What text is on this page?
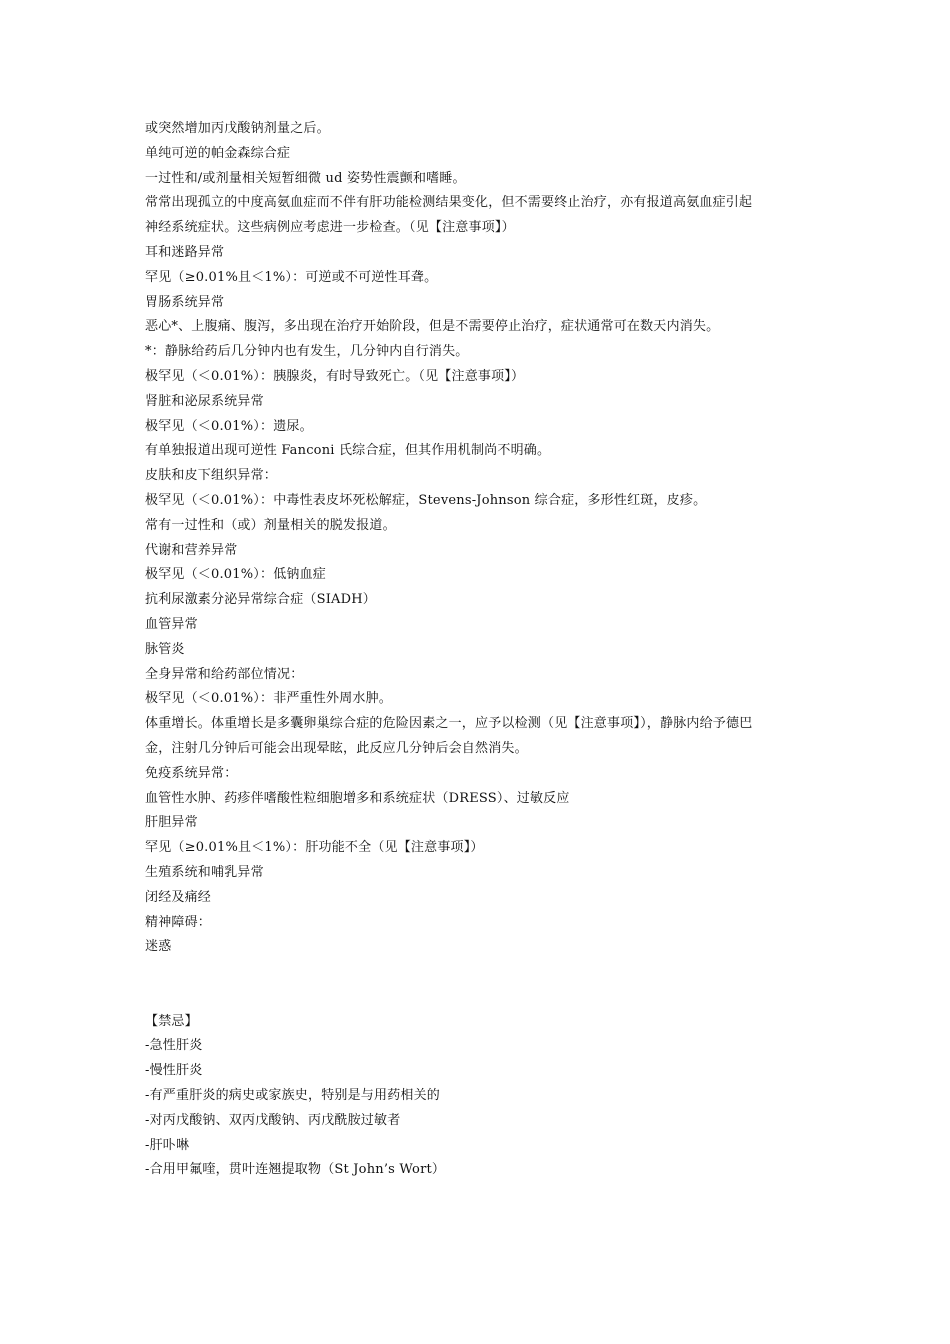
或突然增加丙戊酸钠剂量之后。
单纯可逆的帕金森综合症
一过性和/或剂量相关短暂细微 ud 姿势性震颤和嗜睡。
常常出现孤立的中度高氨血症而不伴有肝功能检测结果变化，但不需要终止治疗，亦有报道高氨血症引起
神经系统症状。这些病例应考虑进一步检查。（见【注意事项】）
耳和迷路异常
罕见（≥0.01%且＜1%）：可逆或不可逆性耳聋。
胃肠系统异常
恶心*、上腹痛、腹泻，多出现在治疗开始阶段，但是不需要停止治疗，症状通常可在数天内消失。
*：静脉给药后几分钟内也有发生，几分钟内自行消失。
极罕见（＜0.01%）：胰腺炎，有时导致死亡。（见【注意事项】）
肾脏和泌尿系统异常
极罕见（＜0.01%）：遗尿。
有单独报道出现可逆性 Fanconi 氏综合症，但其作用机制尚不明确。
皮肤和皮下组织异常：
极罕见（＜0.01%）：中毒性表皮坏死松解症，Stevens-Johnson 综合症，多形性红斑，皮疹。
常有一过性和（或）剂量相关的脱发报道。
代谢和营养异常
极罕见（＜0.01%）：低钠血症
抗利尿激素分泌异常综合症（SIADH）
血管异常
脉管炎
全身异常和给药部位情况：
极罕见（＜0.01%）：非严重性外周水肿。
体重增长。体重增长是多囊卵巢综合症的危险因素之一，应予以检测（见【注意事项】），静脉内给予德巴
金，注射几分钟后可能会出现晕眩，此反应几分钟后会自然消失。
免疫系统异常：
血管性水肿、药疹伴嗜酸性粒细胞增多和系统症状（DRESS）、过敏反应
肝胆异常
罕见（≥0.01%且＜1%）：肝功能不全（见【注意事项】）
生殖系统和哺乳异常
闭经及痛经
精神障碍：
迷惑
【禁忌】
-急性肝炎
-慢性肝炎
-有严重肝炎的病史或家族史，特别是与用药相关的
-对丙戊酸钠、双丙戊酸钠、丙戊酰胺过敏者
-肝卟啉
-合用甲氟喹，贯叶连翘提取物（St John’s Wort）
